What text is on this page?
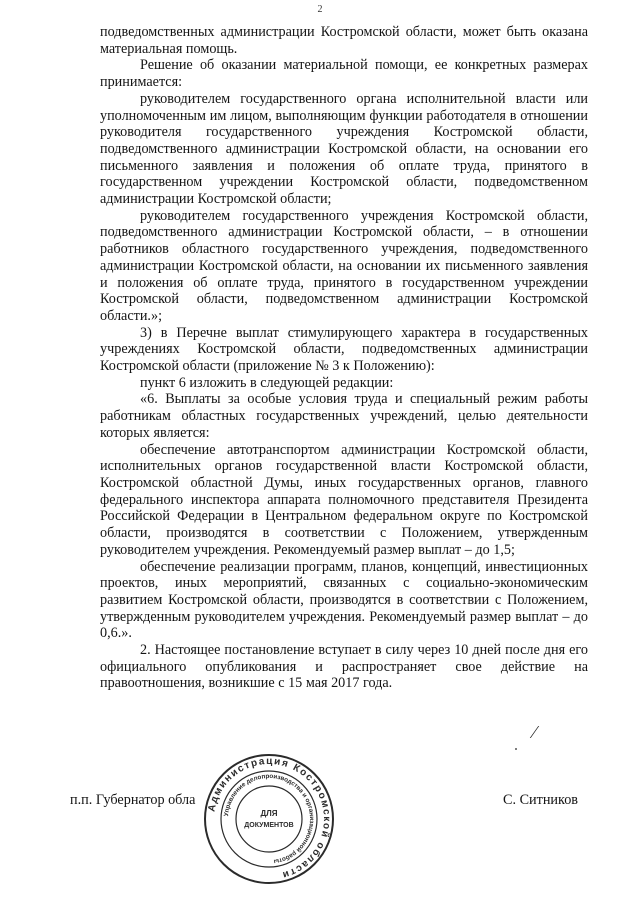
2

подведомственных администрации Костромской области, может быть оказана материальная помощь.

Решение об оказании материальной помощи, ее конкретных размерах принимается:

руководителем государственного органа исполнительной власти или уполномоченным им лицом, выполняющим функции работодателя в отношении руководителя государственного учреждения Костромской области, подведомственного администрации Костромской области, на основании его письменного заявления и положения об оплате труда, принятого в государственном учреждении Костромской области, подведомственном администрации Костромской области;

руководителем государственного учреждения Костромской области, подведомственного администрации Костромской области, – в отношении работников областного государственного учреждения, подведомственного администрации Костромской области, на основании их письменного заявления и положения об оплате труда, принятого в государственном учреждении Костромской области, подведомственном администрации Костромской области.»;

3) в Перечне выплат стимулирующего характера в государственных учреждениях Костромской области, подведомственных администрации Костромской области (приложение № 3 к Положению):

пункт 6 изложить в следующей редакции:

«6. Выплаты за особые условия труда и специальный режим работы работникам областных государственных учреждений, целью деятельности которых является:

обеспечение автотранспортом администрации Костромской области, исполнительных органов государственной власти Костромской области, Костромской областной Думы, иных государственных органов, главного федерального инспектора аппарата полномочного представителя Президента Российской Федерации в Центральном федеральном округе по Костромской области, производятся в соответствии с Положением, утвержденным руководителем учреждения. Рекомендуемый размер выплат – до 1,5;

обеспечение реализации программ, планов, концепций, инвестиционных проектов, иных мероприятий, связанных с социально-экономическим развитием Костромской области, производятся в соответствии с Положением, утвержденным руководителем учреждения. Рекомендуемый размер выплат – до 0,6.».

2. Настоящее постановление вступает в силу через 10 дней после дня его официального опубликования и распространяет свое действие на правоотношения, возникшие с 15 мая 2017 года.

⁄
п.п. Губернатор обла	С. Ситников
Администрация Костромской области
Управление делопроизводства и организационной работы
ДЛЯ
ДОКУМЕНТОВ
